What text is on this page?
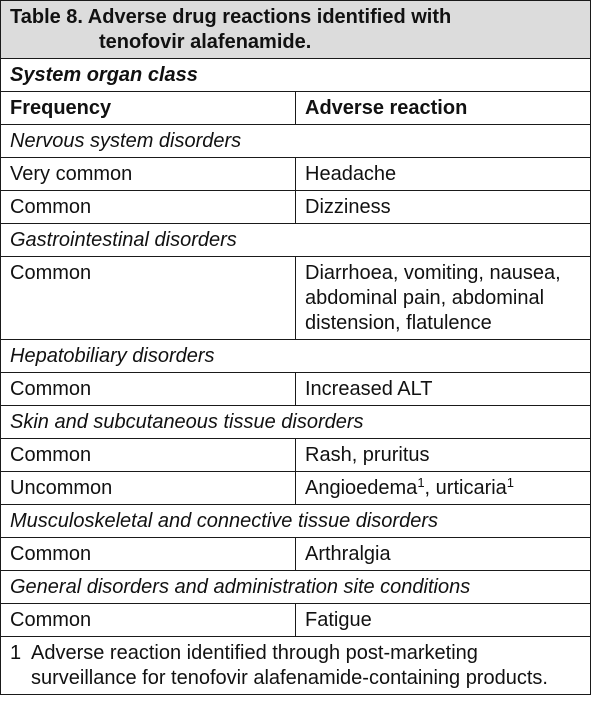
Table 8. Adverse drug reactions identified with
tenofovir alafenamide.	

System organ class	
Frequency	Adverse reaction
Nervous system disorders	
Very common	Headache
Common	Dizziness
Gastrointestinal disorders	
Common	Diarrhoea, vomiting, nausea, abdominal pain, abdominal distension, flatulence
Hepatobiliary disorders	
Common	Increased ALT
Skin and subcutaneous tissue disorders	
Common	Rash, pruritus
Uncommon	Angioedema$^1$, urticaria$^1$
Musculoskeletal and connective tissue disorders	
Common	Arthralgia
General disorders and administration site conditions	
Common	Fatigue

1 Adverse reaction identified through post-marketing surveillance for tenofovir alafenamide-containing products.	
